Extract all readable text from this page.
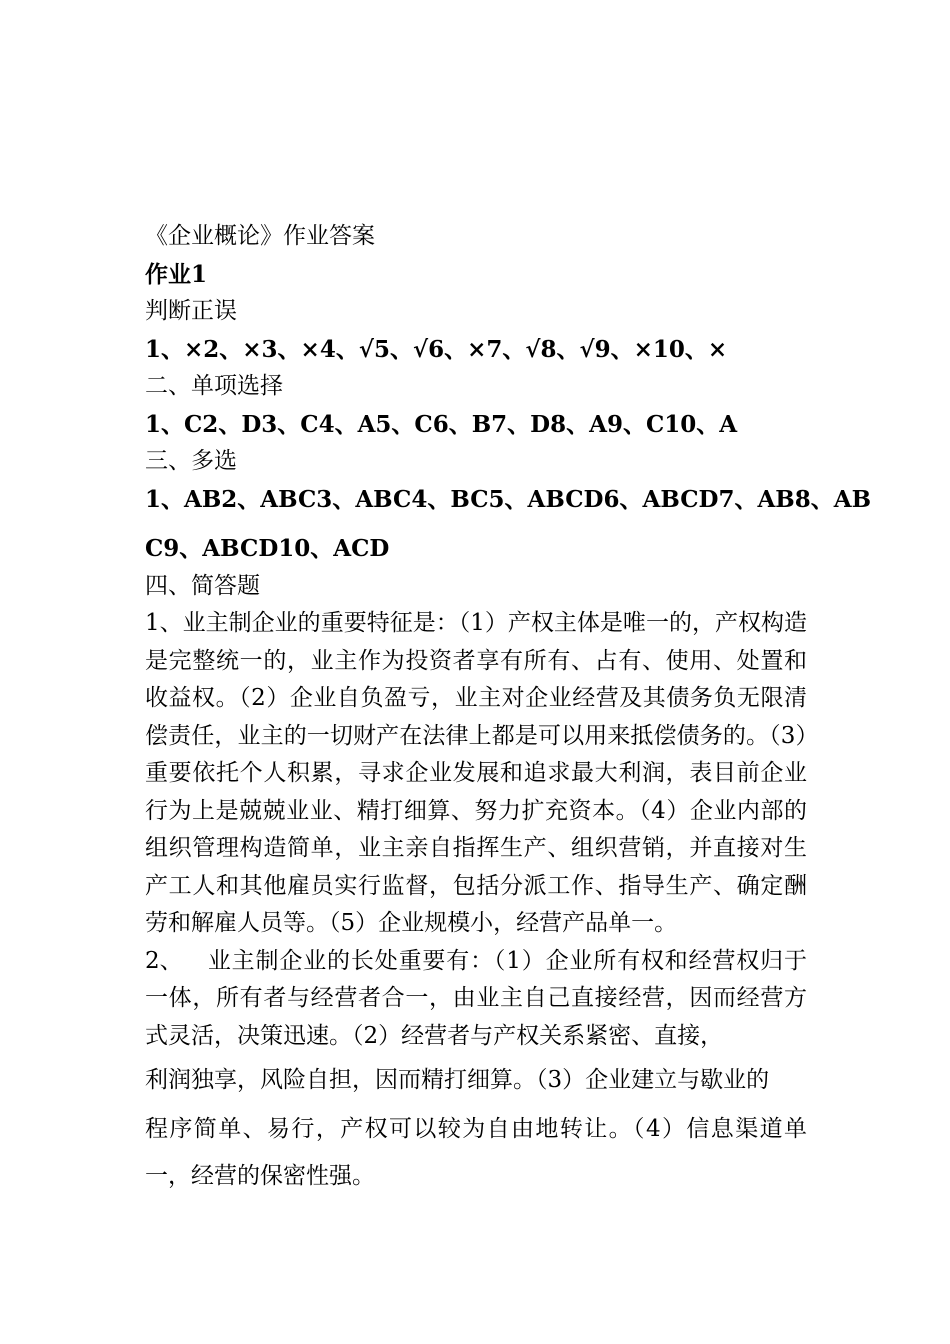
《企业概论》作业答案
作业1
判断正误
1、×2、×3、×4、√5、√6、×7、√8、√9、×10、×
二、单项选择
1、C2、D3、C4、A5、C6、B7、D8、A9、C10、A
三、多选
1、AB2、ABC3、ABC4、BC5、ABCD6、ABCD7、AB8、AB
C9、ABCD10、ACD
四、简答题
1、业主制企业的重要特征是：（1）产权主体是唯一的，产权构造是完整统一的，业主作为投资者享有所有、占有、使用、处置和收益权。（2）企业自负盈亏，业主对企业经营及其债务负无限清偿责任，业主的一切财产在法律上都是可以用来抵偿债务的。（3）重要依托个人积累，寻求企业发展和追求最大利润，表目前企业行为上是兢兢业业、精打细算、努力扩充资本。（4）企业内部的组织管理构造简单，业主亲自指挥生产、组织营销，并直接对生产工人和其他雇员实行监督，包括分派工作、指导生产、确定酬劳和解雇人员等。（5）企业规模小，经营产品单一。
2、 业主制企业的长处重要有：（1）企业所有权和经营权归于一体，所有者与经营者合一，由业主自己直接经营，因而经营方式灵活，决策迅速。（2）经营者与产权关系紧密、直接，
利润独享，风险自担，因而精打细算。（3）企业建立与歇业的
程序简单、易行，产权可以较为自由地转让。（4）信息渠道单一，经营的保密性强。
